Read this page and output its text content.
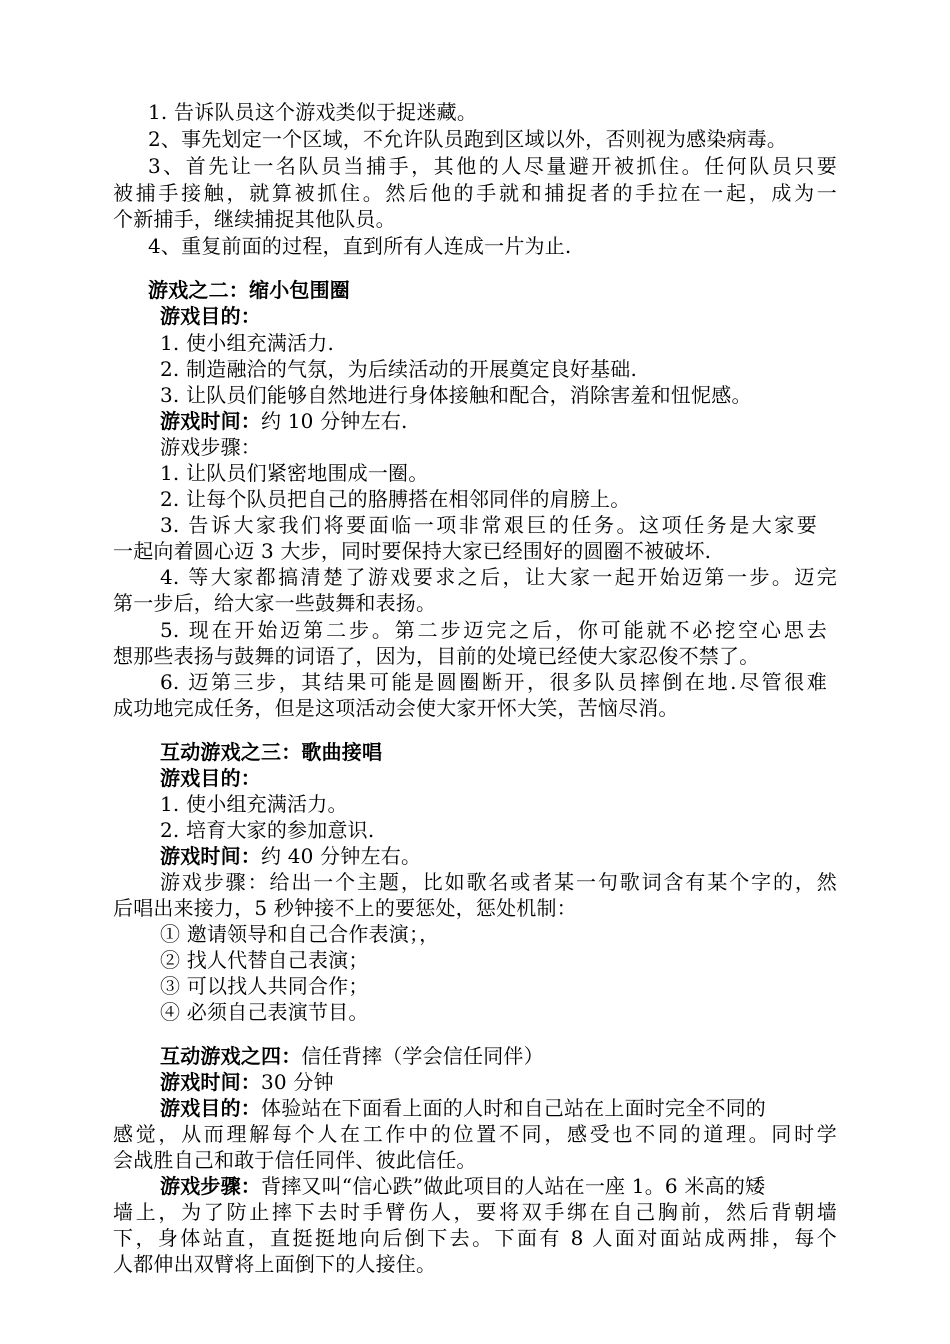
1. 告诉队员这个游戏类似于捉迷藏。
2、事先划定一个区域，不允许队员跑到区域以外，否则视为感染病毒。
3、首先让一名队员当捕手，其他的人尽量避开被抓住。任何队员只要
被捕手接触，就算被抓住。然后他的手就和捕捉者的手拉在一起，成为一
个新捕手，继续捕捉其他队员。
4、重复前面的过程，直到所有人连成一片为止.
游戏之二：缩小包围圈
游戏目的：
1. 使小组充满活力.
2. 制造融洽的气氛，为后续活动的开展奠定良好基础.
3. 让队员们能够自然地进行身体接触和配合，消除害羞和忸怩感。
游戏时间：约 10 分钟左右.
游戏步骤：
1. 让队员们紧密地围成一圈。
2. 让每个队员把自己的胳膊搭在相邻同伴的肩膀上。
3. 告诉大家我们将要面临一项非常艰巨的任务。这项任务是大家要
一起向着圆心迈 3 大步，同时要保持大家已经围好的圆圈不被破坏.
4. 等大家都搞清楚了游戏要求之后，让大家一起开始迈第一步。迈完
第一步后，给大家一些鼓舞和表扬。
5. 现在开始迈第二步。第二步迈完之后，你可能就不必挖空心思去
想那些表扬与鼓舞的词语了，因为，目前的处境已经使大家忍俊不禁了。
6. 迈第三步，其结果可能是圆圈断开，很多队员摔倒在地.尽管很难
成功地完成任务，但是这项活动会使大家开怀大笑，苦恼尽消。
互动游戏之三：歌曲接唱
游戏目的：
1. 使小组充满活力。
2. 培育大家的参加意识.
游戏时间：约 40 分钟左右。
游戏步骤：给出一个主题，比如歌名或者某一句歌词含有某个字的，然
后唱出来接力，5 秒钟接不上的要惩处，惩处机制：
① 邀请领导和自己合作表演；，
② 找人代替自己表演；
③ 可以找人共同合作；
④ 必须自己表演节目。
互动游戏之四：信任背摔（学会信任同伴）
游戏时间：30 分钟
游戏目的：体验站在下面看上面的人时和自己站在上面时完全不同的
感觉，从而理解每个人在工作中的位置不同，感受也不同的道理。同时学
会战胜自己和敢于信任同伴、彼此信任。
游戏步骤：背摔又叫“信心跌”做此项目的人站在一座 1。6 米高的矮
墙上，为了防止摔下去时手臂伤人，要将双手绑在自己胸前，然后背朝墙
下，身体站直，直挺挺地向后倒下去。下面有 8 人面对面站成两排，每个
人都伸出双臂将上面倒下的人接住。
